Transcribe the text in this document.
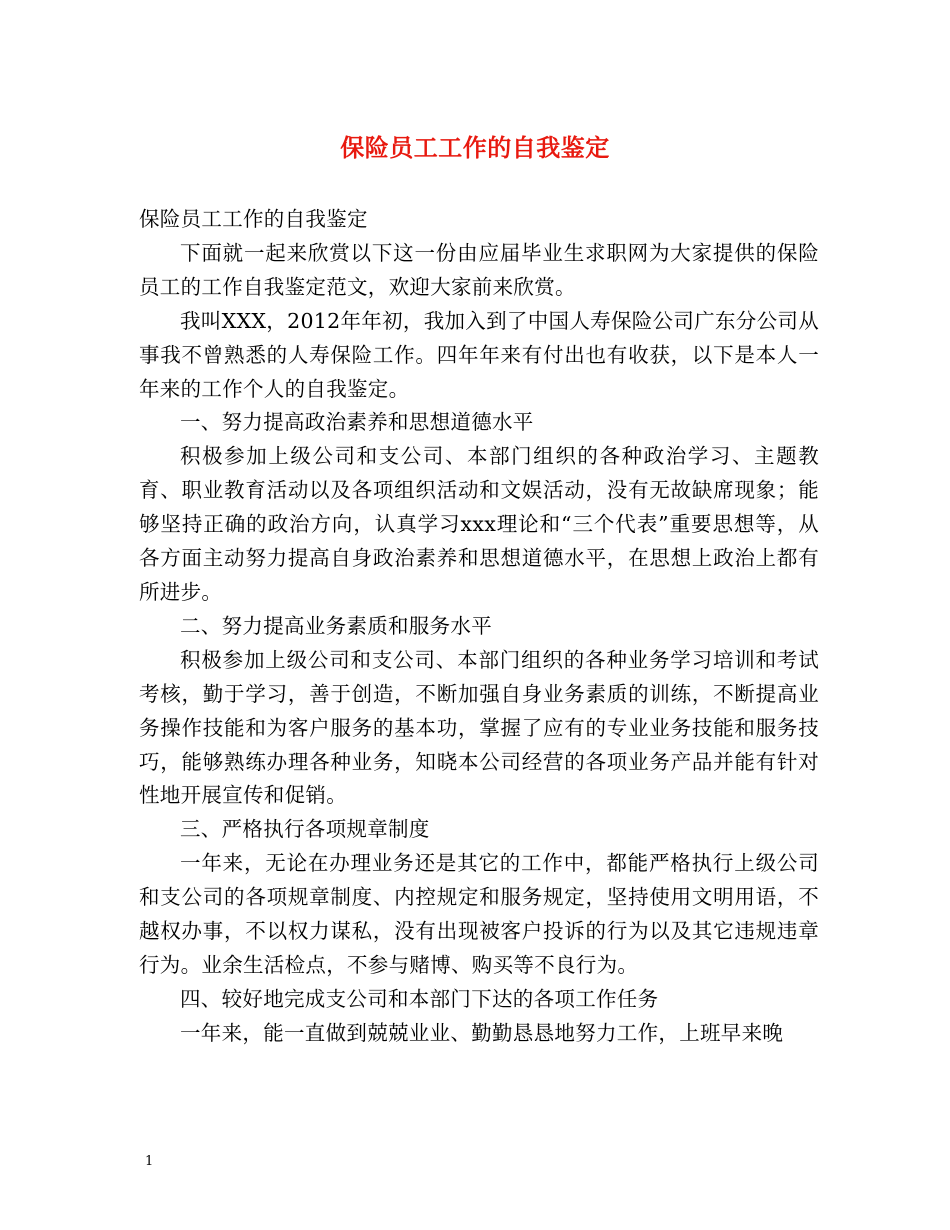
保险员工工作的自我鉴定

保险员工工作的自我鉴定

下面就一起来欣赏以下这一份由应届毕业生求职网为大家提供的保险员工的工作自我鉴定范文，欢迎大家前来欣赏。

我叫XXX，2012年年初，我加入到了中国人寿保险公司广东分公司从事我不曾熟悉的人寿保险工作。四年年来有付出也有收获，以下是本人一年来的工作个人的自我鉴定。

一、努力提高政治素养和思想道德水平

积极参加上级公司和支公司、本部门组织的各种政治学习、主题教育、职业教育活动以及各项组织活动和文娱活动，没有无故缺席现象；能够坚持正确的政治方向，认真学习xxx理论和“三个代表”重要思想等，从各方面主动努力提高自身政治素养和思想道德水平，在思想上政治上都有所进步。

二、努力提高业务素质和服务水平

积极参加上级公司和支公司、本部门组织的各种业务学习培训和考试考核，勤于学习，善于创造，不断加强自身业务素质的训练，不断提高业务操作技能和为客户服务的基本功，掌握了应有的专业业务技能和服务技巧，能够熟练办理各种业务，知晓本公司经营的各项业务产品并能有针对性地开展宣传和促销。

三、严格执行各项规章制度

一年来，无论在办理业务还是其它的工作中，都能严格执行上级公司和支公司的各项规章制度、内控规定和服务规定，坚持使用文明用语，不越权办事，不以权力谋私，没有出现被客户投诉的行为以及其它违规违章行为。业余生活检点，不参与赌博、购买等不良行为。

四、较好地完成支公司和本部门下达的各项工作任务

一年来，能一直做到兢兢业业、勤勤恳恳地努力工作，上班早来晚

1
